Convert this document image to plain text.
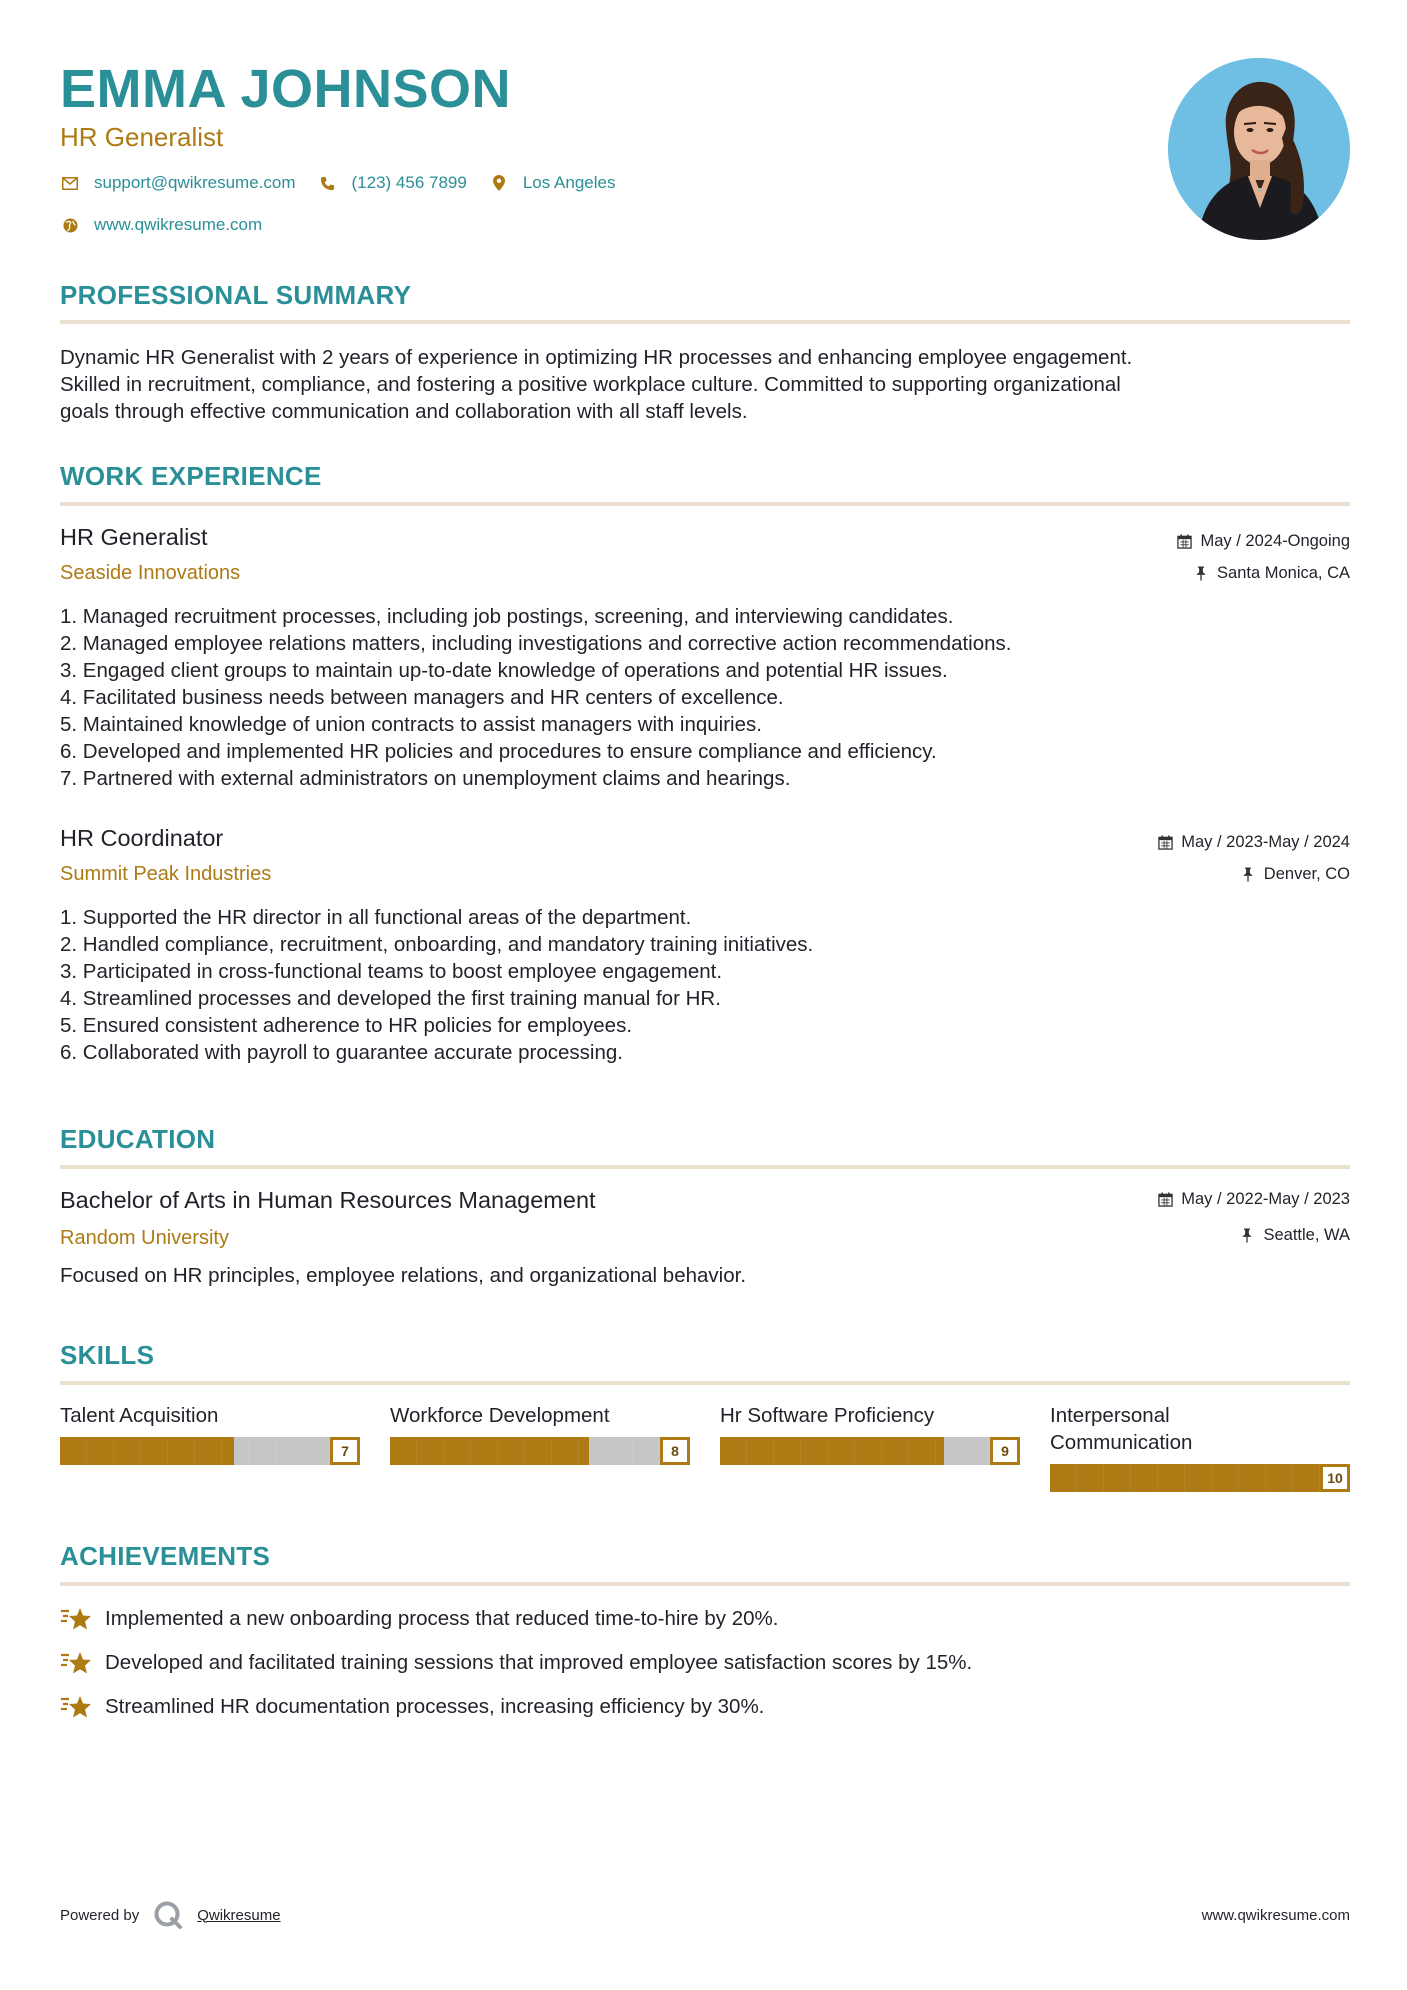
EMMA JOHNSON
HR Generalist
support@qwikresume.com	(123) 456 7899	Los Angeles
www.qwikresume.com
PROFESSIONAL SUMMARY
Dynamic HR Generalist with 2 years of experience in optimizing HR processes and enhancing employee engagement.
Skilled in recruitment, compliance, and fostering a positive workplace culture. Committed to supporting organizational
goals through effective communication and collaboration with all staff levels.
WORK EXPERIENCE
HR Generalist
Seaside Innovations
May / 2024-Ongoing
Santa Monica, CA
1. Managed recruitment processes, including job postings, screening, and interviewing candidates.
2. Managed employee relations matters, including investigations and corrective action recommendations.
3. Engaged client groups to maintain up-to-date knowledge of operations and potential HR issues.
4. Facilitated business needs between managers and HR centers of excellence.
5. Maintained knowledge of union contracts to assist managers with inquiries.
6. Developed and implemented HR policies and procedures to ensure compliance and efficiency.
7. Partnered with external administrators on unemployment claims and hearings.
HR Coordinator
Summit Peak Industries
May / 2023-May / 2024
Denver, CO
1. Supported the HR director in all functional areas of the department.
2. Handled compliance, recruitment, onboarding, and mandatory training initiatives.
3. Participated in cross-functional teams to boost employee engagement.
4. Streamlined processes and developed the first training manual for HR.
5. Ensured consistent adherence to HR policies for employees.
6. Collaborated with payroll to guarantee accurate processing.
EDUCATION
Bachelor of Arts in Human Resources Management
Random University
May / 2022-May / 2023
Seattle, WA
Focused on HR principles, employee relations, and organizational behavior.
SKILLS
Talent Acquisition
7
Workforce Development
8
Hr Software Proficiency
9
Interpersonal
Communication
10
ACHIEVEMENTS
Implemented a new onboarding process that reduced time-to-hire by 20%.
Developed and facilitated training sessions that improved employee satisfaction scores by 15%.
Streamlined HR documentation processes, increasing efficiency by 30%.
Powered by	Qwikresume	www.qwikresume.com
